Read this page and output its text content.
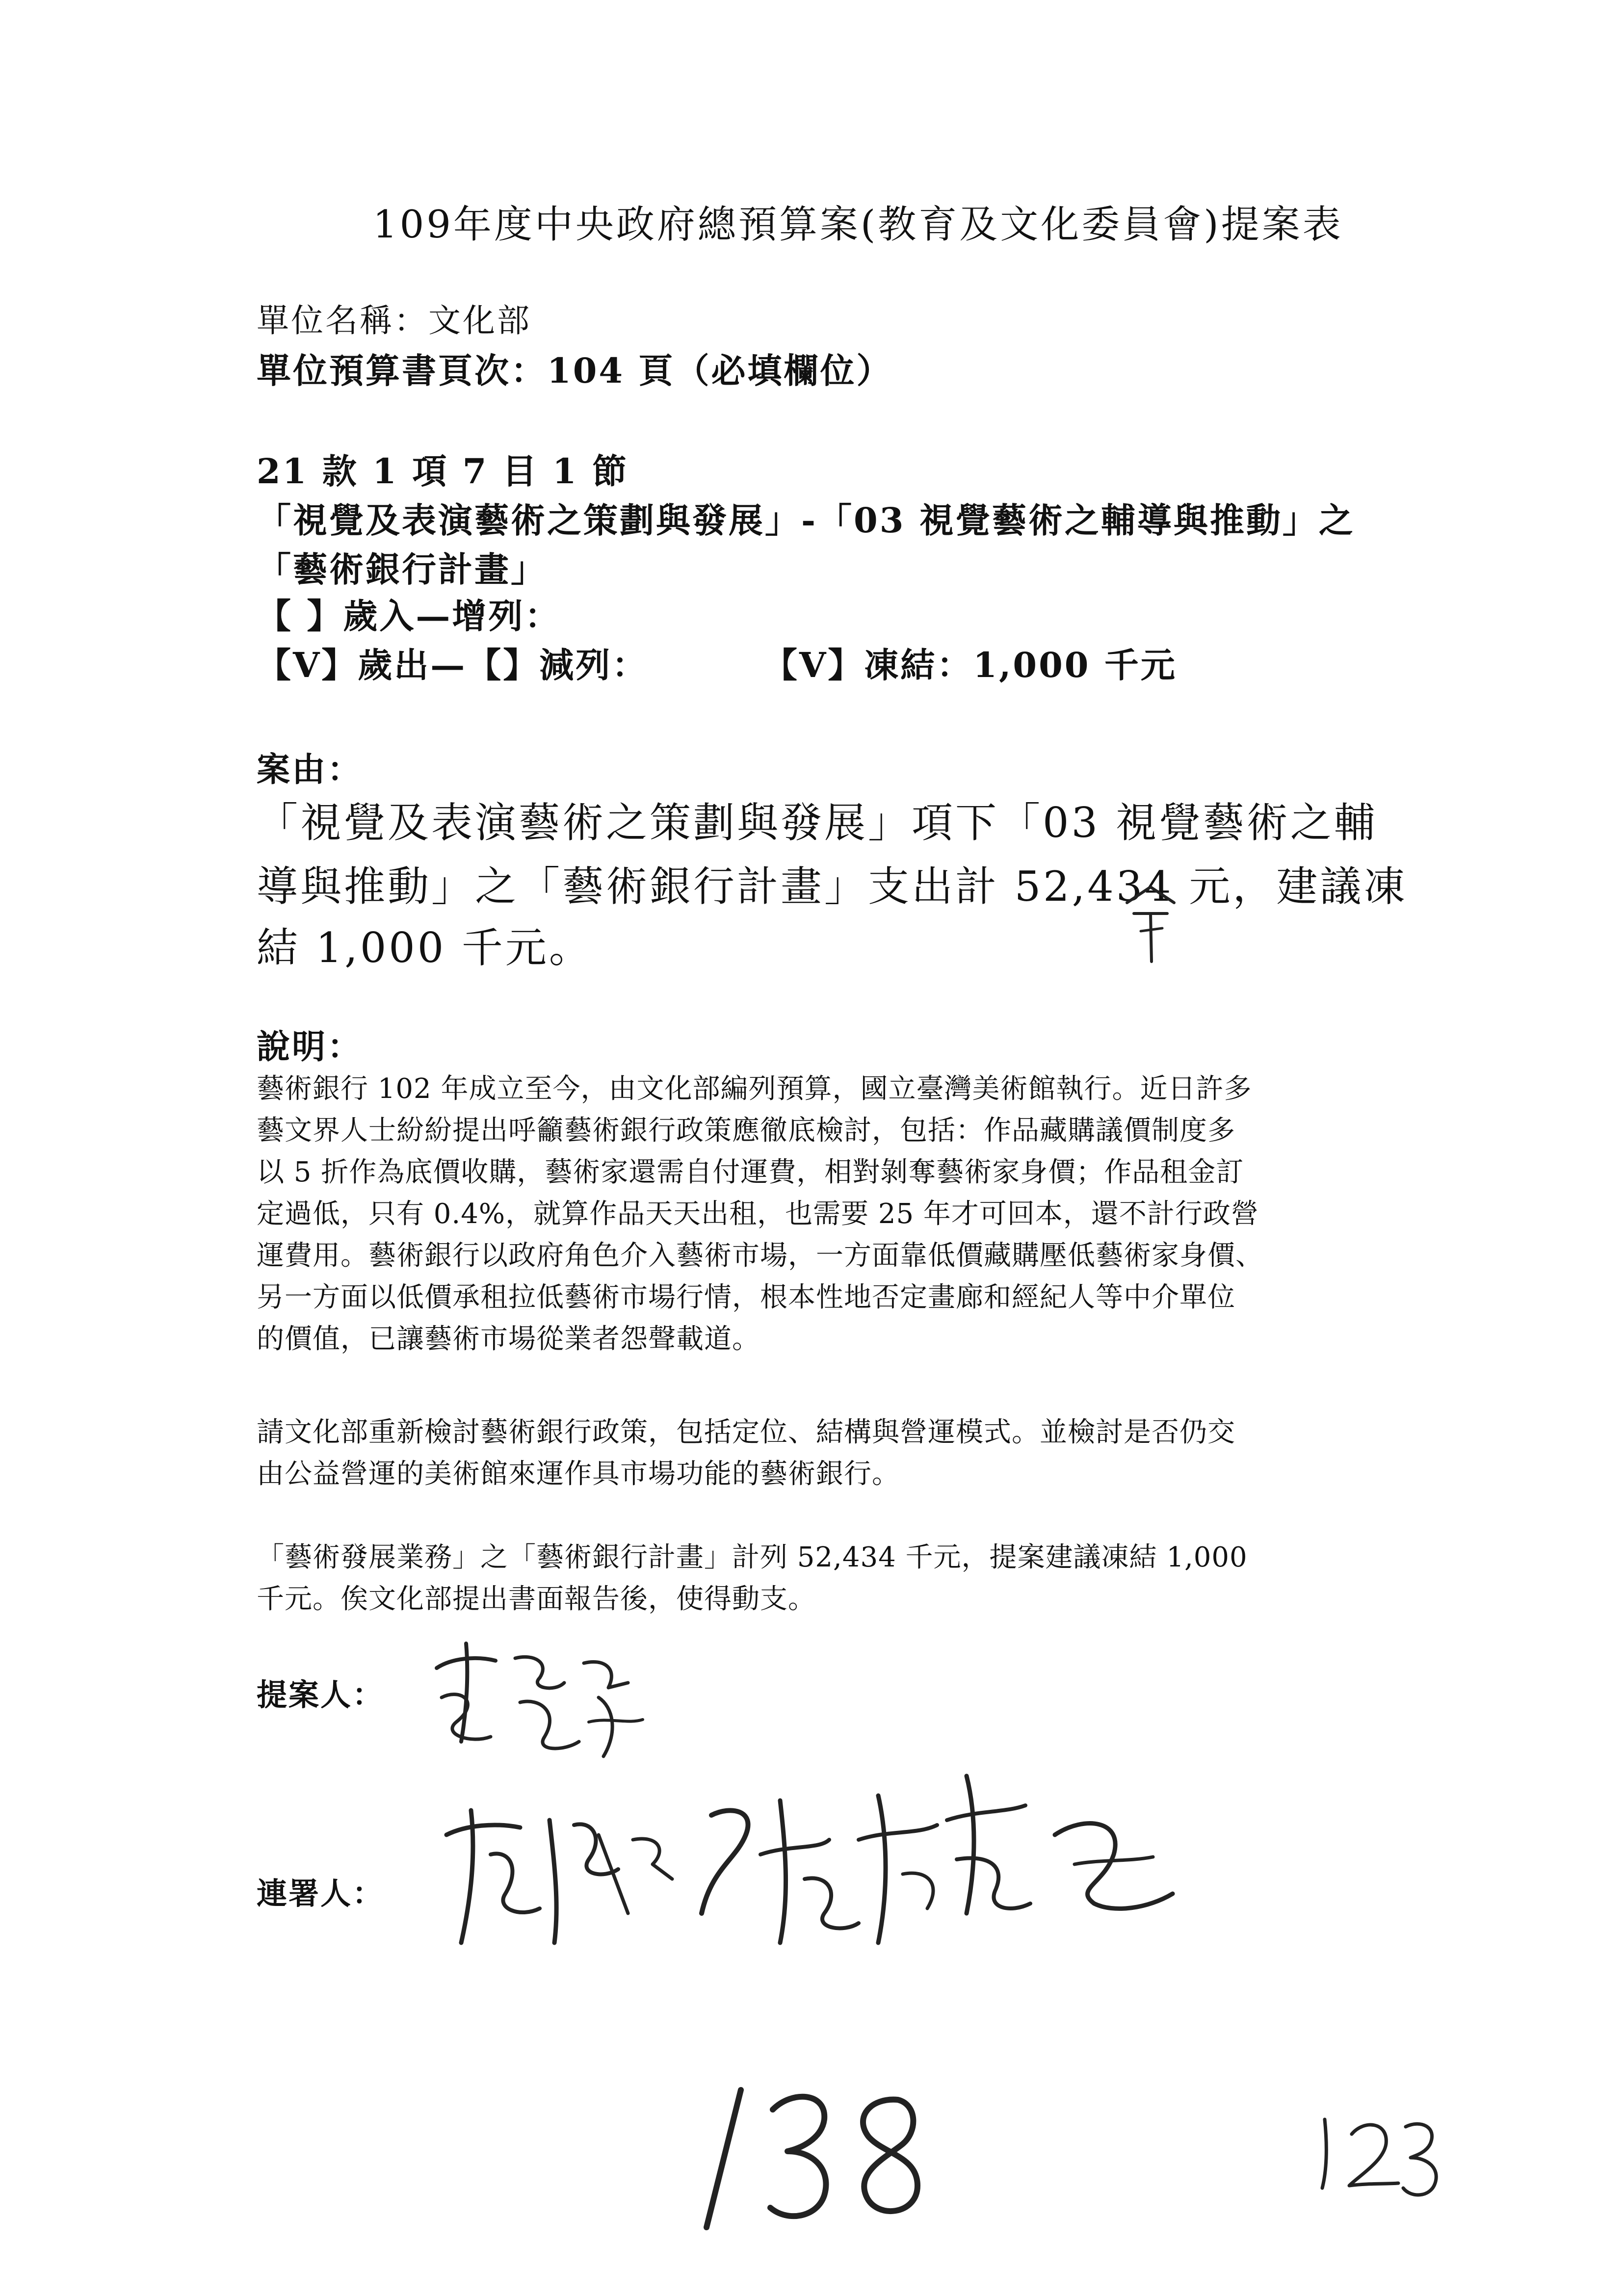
109年度中央政府總預算案(教育及文化委員會)提案表
單位名稱：文化部
單位預算書頁次：104 頁（必填欄位）
21 款 1 項 7 目 1 節
「視覺及表演藝術之策劃與發展」-「03 視覺藝術之輔導與推動」之
「藝術銀行計畫」
【 】歲入—增列：
【V】歲出—【】減列：	【V】凍結：1,000 千元
案由：
「視覺及表演藝術之策劃與發展」項下「03 視覺藝術之輔
導與推動」之「藝術銀行計畫」支出計 52,434 元，建議凍
結 1,000 千元。
說明：
藝術銀行 102 年成立至今，由文化部編列預算，國立臺灣美術館執行。近日許多
藝文界人士紛紛提出呼籲藝術銀行政策應徹底檢討，包括：作品藏購議價制度多
以 5 折作為底價收購，藝術家還需自付運費，相對剝奪藝術家身價；作品租金訂
定過低，只有 0.4%，就算作品天天出租，也需要 25 年才可回本，還不計行政營
運費用。藝術銀行以政府角色介入藝術市場，一方面靠低價藏購壓低藝術家身價、
另一方面以低價承租拉低藝術市場行情，根本性地否定畫廊和經紀人等中介單位
的價值，已讓藝術市場從業者怨聲載道。
請文化部重新檢討藝術銀行政策，包括定位、結構與營運模式。並檢討是否仍交
由公益營運的美術館來運作具市場功能的藝術銀行。
「藝術發展業務」之「藝術銀行計畫」計列 52,434 千元，提案建議凍結 1,000
千元。俟文化部提出書面報告後，使得動支。
提案人：
連署人：
